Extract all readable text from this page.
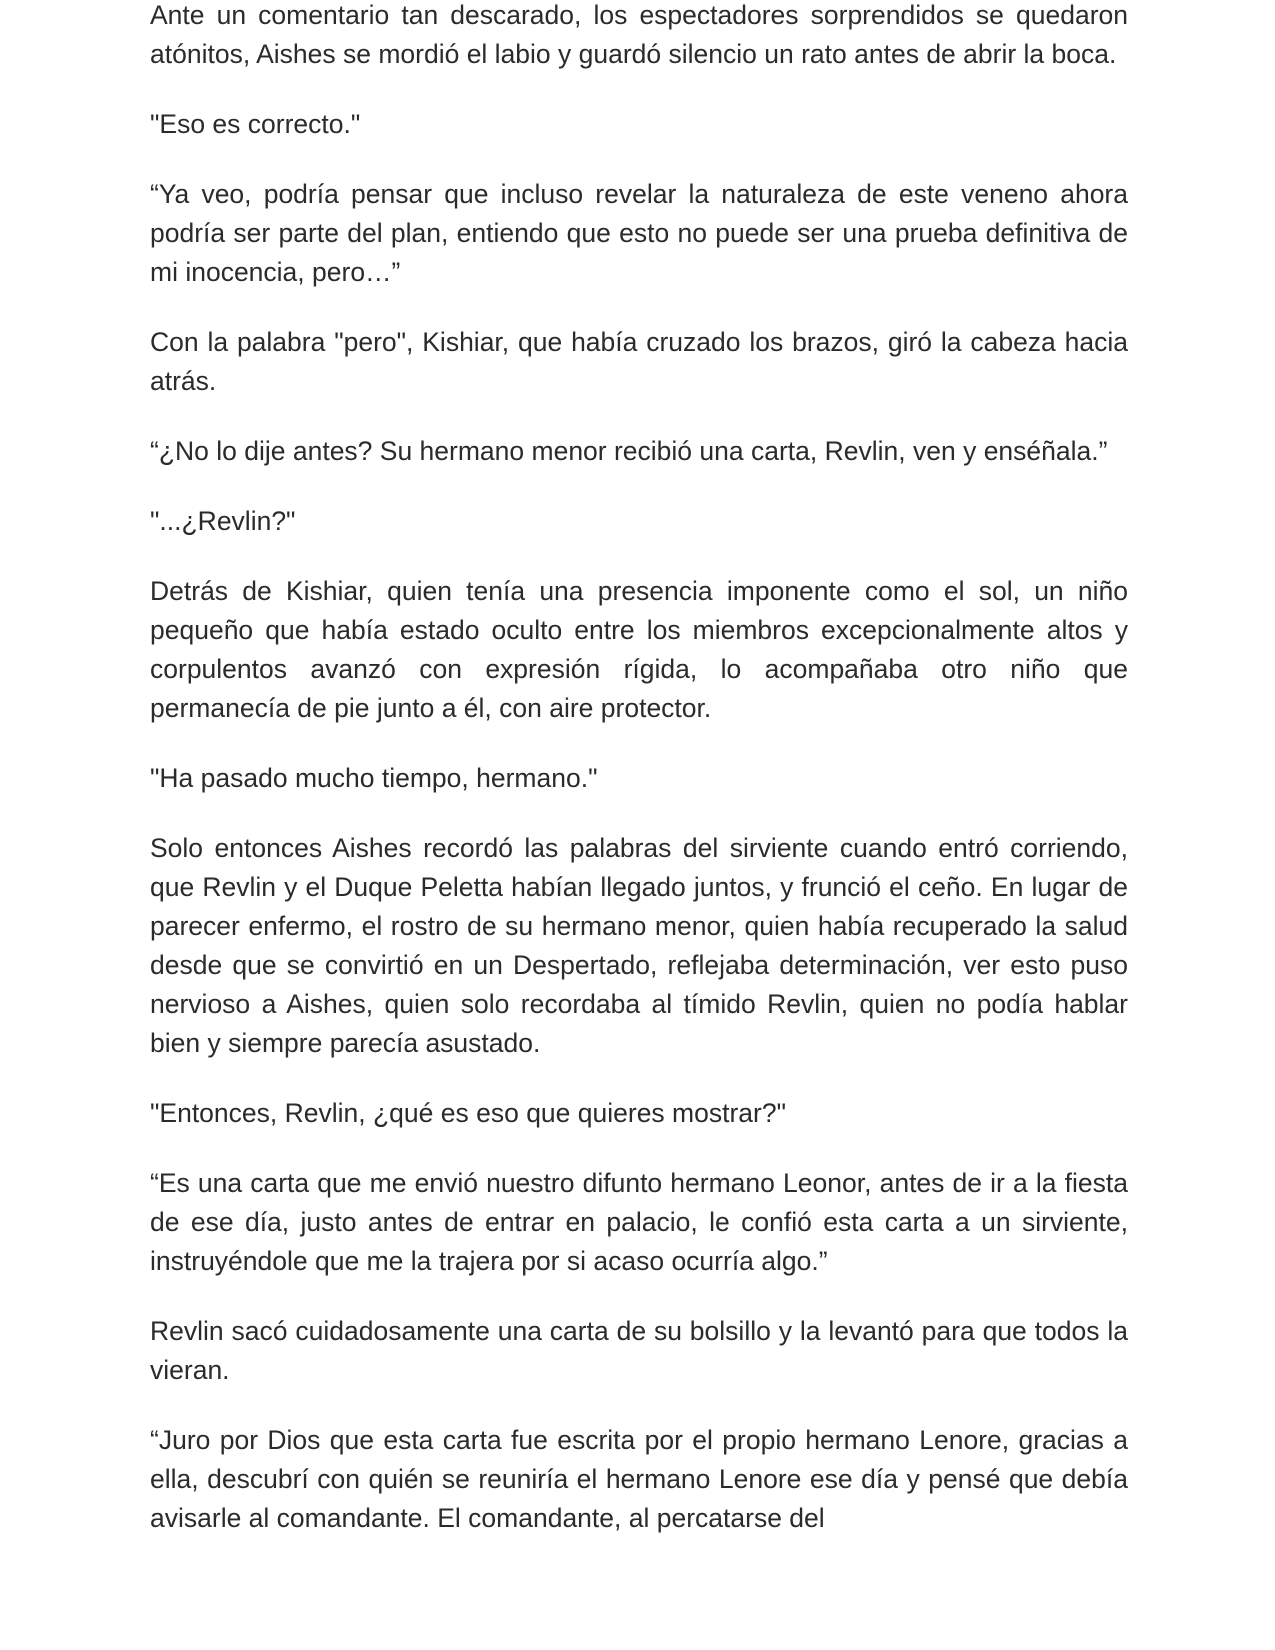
Ante un comentario tan descarado, los espectadores sorprendidos se quedaron atónitos, Aishes se mordió el labio y guardó silencio un rato antes de abrir la boca.

"Eso es correcto."

“Ya veo, podría pensar que incluso revelar la naturaleza de este veneno ahora podría ser parte del plan, entiendo que esto no puede ser una prueba definitiva de mi inocencia, pero…”

Con la palabra "pero", Kishiar, que había cruzado los brazos, giró la cabeza hacia atrás.

“¿No lo dije antes? Su hermano menor recibió una carta, Revlin, ven y enséñala.”

"...¿Revlin?"

Detrás de Kishiar, quien tenía una presencia imponente como el sol, un niño pequeño que había estado oculto entre los miembros excepcionalmente altos y corpulentos avanzó con expresión rígida, lo acompañaba otro niño que permanecía de pie junto a él, con aire protector.

"Ha pasado mucho tiempo, hermano."

Solo entonces Aishes recordó las palabras del sirviente cuando entró corriendo, que Revlin y el Duque Peletta habían llegado juntos, y frunció el ceño. En lugar de parecer enfermo, el rostro de su hermano menor, quien había recuperado la salud desde que se convirtió en un Despertado, reflejaba determinación, ver esto puso nervioso a Aishes, quien solo recordaba al tímido Revlin, quien no podía hablar bien y siempre parecía asustado.

"Entonces, Revlin, ¿qué es eso que quieres mostrar?"

“Es una carta que me envió nuestro difunto hermano Leonor, antes de ir a la fiesta de ese día, justo antes de entrar en palacio, le confió esta carta a un sirviente, instruyéndole que me la trajera por si acaso ocurría algo.”

Revlin sacó cuidadosamente una carta de su bolsillo y la levantó para que todos la vieran.

“Juro por Dios que esta carta fue escrita por el propio hermano Lenore, gracias a ella, descubrí con quién se reuniría el hermano Lenore ese día y pensé que debía avisarle al comandante. El comandante, al percatarse del
